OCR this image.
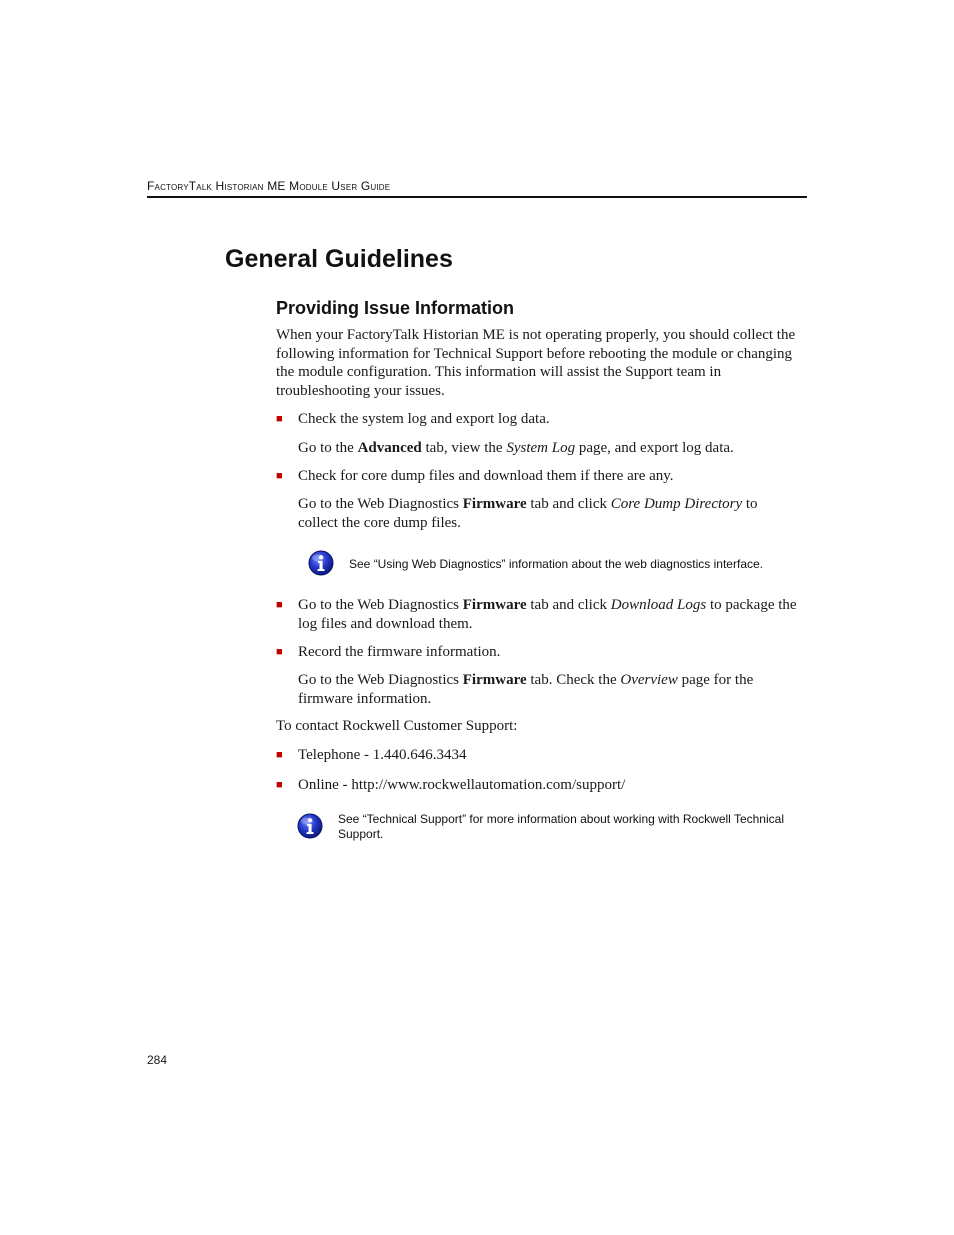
FactoryTalk Historian ME Module User Guide
General Guidelines
Providing Issue Information

When your FactoryTalk Historian ME is not operating properly, you should collect the following information for Technical Support before rebooting the module or changing the module configuration. This information will assist the Support team in troubleshooting your issues.

■ Check the system log and export log data.

Go to the Advanced tab, view the System Log page, and export log data.

■ Check for core dump files and download them if there are any.

Go to the Web Diagnostics Firmware tab and click Core Dump Directory to collect the core dump files.

See “Using Web Diagnostics” information about the web diagnostics interface.

■ Go to the Web Diagnostics Firmware tab and click Download Logs to package the log files and download them.

■ Record the firmware information.

Go to the Web Diagnostics Firmware tab. Check the Overview page for the firmware information.

To contact Rockwell Customer Support:

■ Telephone - 1.440.646.3434

■ Online - http://www.rockwellautomation.com/support/

See “Technical Support” for more information about working with Rockwell Technical Support.

284
